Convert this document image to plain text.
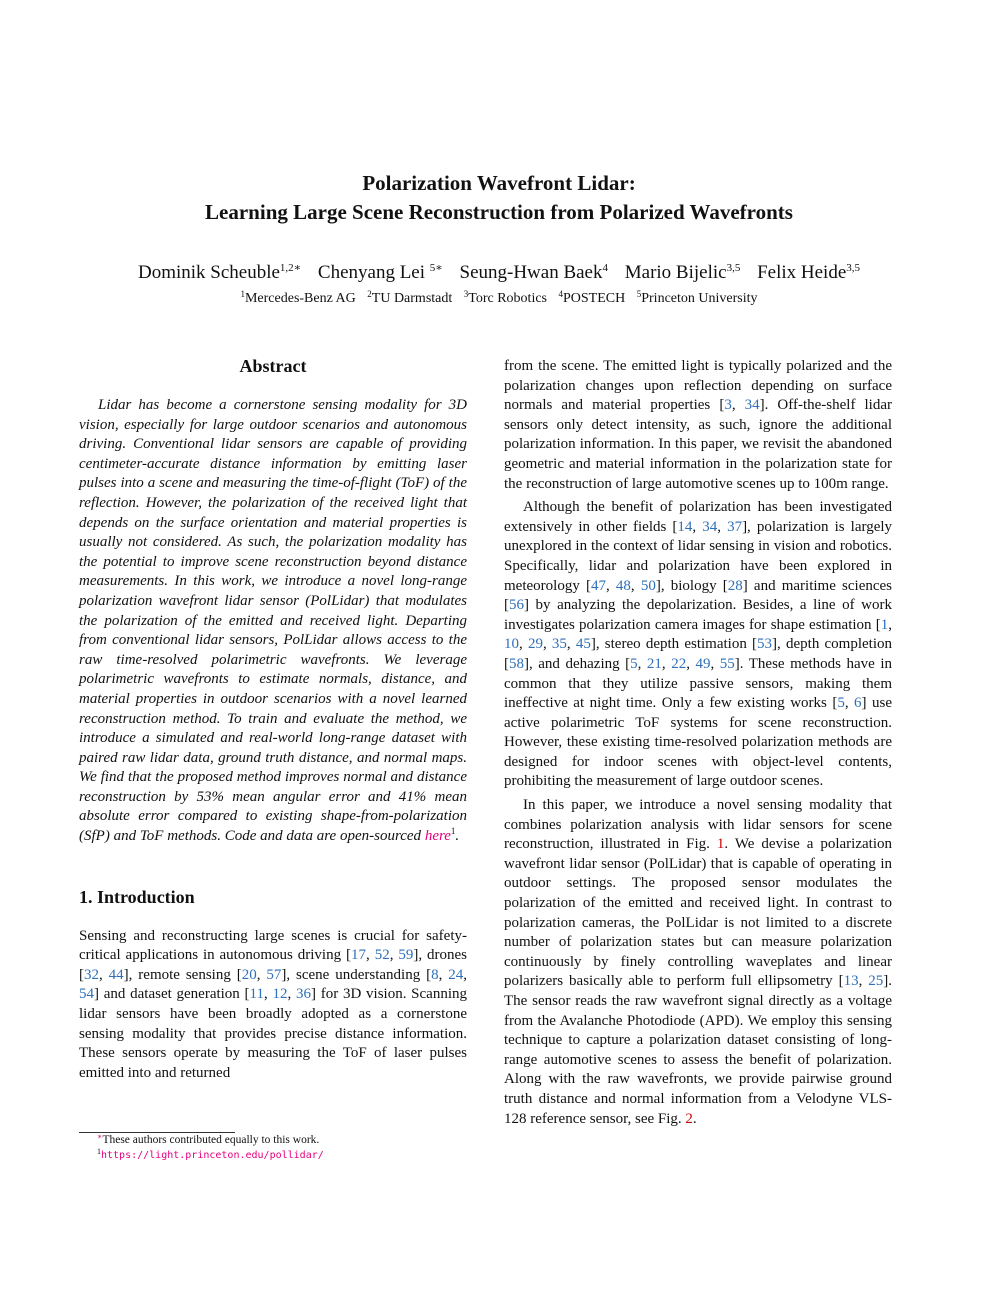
Polarization Wavefront Lidar:
Learning Large Scene Reconstruction from Polarized Wavefronts
Dominik Scheuble$^{1,2∗}$ Chenyang Lei $^{5∗}$ Seung-Hwan Baek$^4$ Mario Bijelic$^{3,5}$ Felix Heide$^{3,5}$
$^1$Mercedes-Benz AG $^2$TU Darmstadt $^3$Torc Robotics $^4$POSTECH $^5$Princeton University
Abstract

Lidar has become a cornerstone sensing modality for 3D vision, especially for large outdoor scenarios and autonomous driving. Conventional lidar sensors are capable of providing centimeter-accurate distance information by emitting laser pulses into a scene and measuring the time-of-flight (ToF) of the reflection. However, the polarization of the received light that depends on the surface orientation and material properties is usually not considered. As such, the polarization modality has the potential to improve scene reconstruction beyond distance measurements. In this work, we introduce a novel long-range polarization wavefront lidar sensor (PolLidar) that modulates the polarization of the emitted and received light. Departing from conventional lidar sensors, PolLidar allows access to the raw time-resolved polarimetric wavefronts. We leverage polarimetric wavefronts to estimate normals, distance, and material properties in outdoor scenarios with a novel learned reconstruction method. To train and evaluate the method, we introduce a simulated and real-world long-range dataset with paired raw lidar data, ground truth distance, and normal maps. We find that the proposed method improves normal and distance reconstruction by 53% mean angular error and 41% mean absolute error compared to existing shape-from-polarization (SfP) and ToF methods. Code and data are open-sourced here$^1$.

1. Introduction

Sensing and reconstructing large scenes is crucial for safety-critical applications in autonomous driving [17, 52, 59], drones [32, 44], remote sensing [20, 57], scene understanding [8, 24, 54] and dataset generation [11, 12, 36] for 3D vision. Scanning lidar sensors have been broadly adopted as a cornerstone sensing modality that provides precise distance information. These sensors operate by measuring the ToF of laser pulses emitted into and returned

from the scene. The emitted light is typically polarized and the polarization changes upon reflection depending on surface normals and material properties [3, 34]. Off-the-shelf lidar sensors only detect intensity, as such, ignore the additional polarization information. In this paper, we revisit the abandoned geometric and material information in the polarization state for the reconstruction of large automotive scenes up to 100m range.

Although the benefit of polarization has been investigated extensively in other fields [14, 34, 37], polarization is largely unexplored in the context of lidar sensing in vision and robotics. Specifically, lidar and polarization have been explored in meteorology [47, 48, 50], biology [28] and maritime sciences [56] by analyzing the depolarization. Besides, a line of work investigates polarization camera images for shape estimation [1, 10, 29, 35, 45], stereo depth estimation [53], depth completion [58], and dehazing [5, 21, 22, 49, 55]. These methods have in common that they utilize passive sensors, making them ineffective at night time. Only a few existing works [5, 6] use active polarimetric ToF systems for scene reconstruction. However, these existing time-resolved polarization methods are designed for indoor scenes with object-level contents, prohibiting the measurement of large outdoor scenes.

In this paper, we introduce a novel sensing modality that combines polarization analysis with lidar sensors for scene reconstruction, illustrated in Fig. 1. We devise a polarization wavefront lidar sensor (PolLidar) that is capable of operating in outdoor settings. The proposed sensor modulates the polarization of the emitted and received light. In contrast to polarization cameras, the PolLidar is not limited to a discrete number of polarization states but can measure polarization continuously by finely controlling waveplates and linear polarizers basically able to perform full ellipsometry [13, 25]. The sensor reads the raw wavefront signal directly as a voltage from the Avalanche Photodiode (APD). We employ this sensing technique to capture a polarization dataset consisting of long-range automotive scenes to assess the benefit of polarization. Along with the raw wavefronts, we provide pairwise ground truth distance and normal information from a Velodyne VLS-128 reference sensor, see Fig. 2.

∗These authors contributed equally to this work.
$^1$https://light.princeton.edu/pollidar/
